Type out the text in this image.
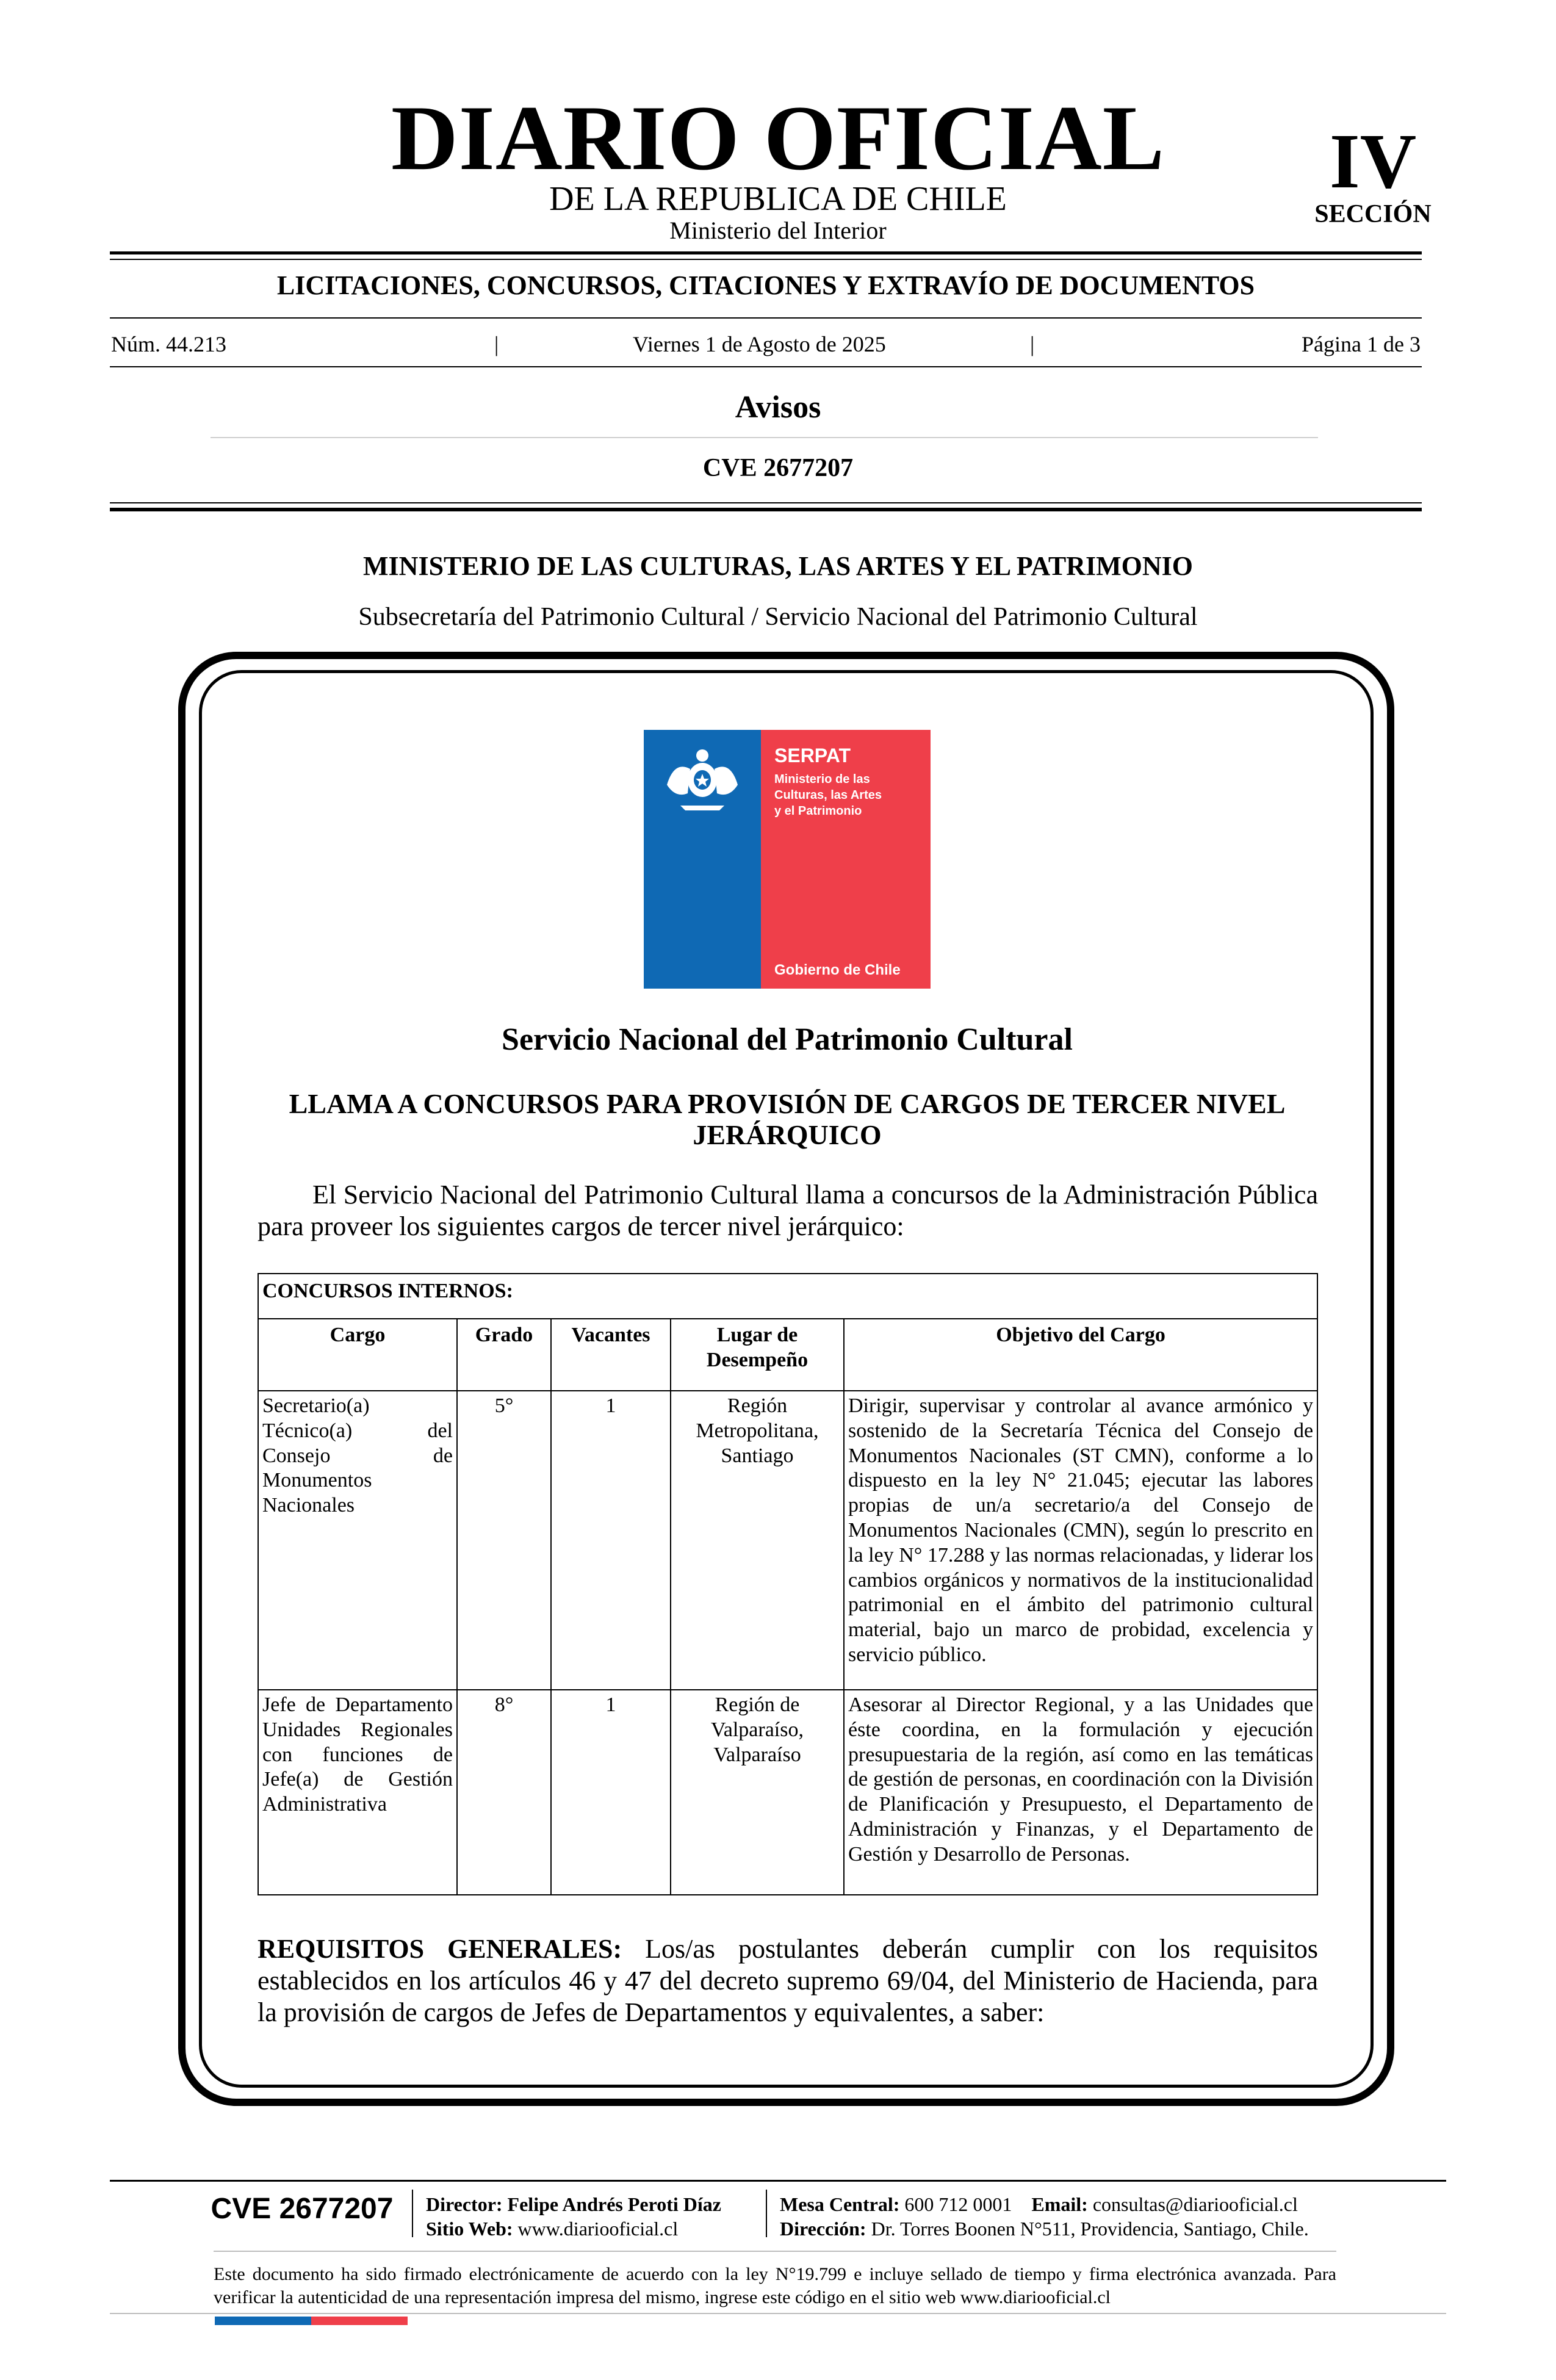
DIARIO OFICIAL
DE LA REPUBLICA DE CHILE
Ministerio del Interior
IV
SECCIÓN
LICITACIONES, CONCURSOS, CITACIONES Y EXTRAVÍO DE DOCUMENTOS
Núm. 44.213	|	Viernes 1 de Agosto de 2025	|	Página 1 de 3
Avisos
CVE 2677207
MINISTERIO DE LAS CULTURAS, LAS ARTES Y EL PATRIMONIO
Subsecretaría del Patrimonio Cultural / Servicio Nacional del Patrimonio Cultural
SERPAT
Ministerio de las
Culturas, las Artes
y el Patrimonio
Gobierno de Chile
Servicio Nacional del Patrimonio Cultural
LLAMA A CONCURSOS PARA PROVISIÓN DE CARGOS DE TERCER NIVEL JERÁRQUICO
El Servicio Nacional del Patrimonio Cultural llama a concursos de la Administración Pública para proveer los siguientes cargos de tercer nivel jerárquico:
CONCURSOS INTERNOS:				
Cargo	Grado	Vacantes	Lugar de Desempeño	Objetivo del Cargo
Secretario(a) Técnico(a) del Consejo de Monumentos Nacionales	5°	1	Región Metropolitana, Santiago	Dirigir, supervisar y controlar al avance armónico y sostenido de la Secretaría Técnica del Consejo de Monumentos Nacionales (ST CMN), conforme a lo dispuesto en la ley N° 21.045; ejecutar las labores propias de un/a secretario/a del Consejo de Monumentos Nacionales (CMN), según lo prescrito en la ley N° 17.288 y las normas relacionadas, y liderar los cambios orgánicos y normativos de la institucionalidad patrimonial en el ámbito del patrimonio cultural material, bajo un marco de probidad, excelencia y servicio público.
Jefe de Departamento Unidades Regionales con funciones de Jefe(a) de Gestión Administrativa	8°	1	Región de Valparaíso, Valparaíso	Asesorar al Director Regional, y a las Unidades que éste coordina, en la formulación y ejecución presupuestaria de la región, así como en las temáticas de gestión de personas, en coordinación con la División de Planificación y Presupuesto, el Departamento de Administración y Finanzas, y el Departamento de Gestión y Desarrollo de Personas.
REQUISITOS GENERALES: Los/as postulantes deberán cumplir con los requisitos establecidos en los artículos 46 y 47 del decreto supremo 69/04, del Ministerio de Hacienda, para la provisión de cargos de Jefes de Departamentos y equivalentes, a saber:
CVE 2677207	Director: Felipe Andrés Peroti Díaz
Sitio Web: www.diariooficial.cl
Mesa Central: 600 712 0001 Email: consultas@diariooficial.cl
Dirección: Dr. Torres Boonen N°511, Providencia, Santiago, Chile.
Este documento ha sido firmado electrónicamente de acuerdo con la ley N°19.799 e incluye sellado de tiempo y firma electrónica avanzada. Para verificar la autenticidad de una representación impresa del mismo, ingrese este código en el sitio web www.diariooficial.cl
